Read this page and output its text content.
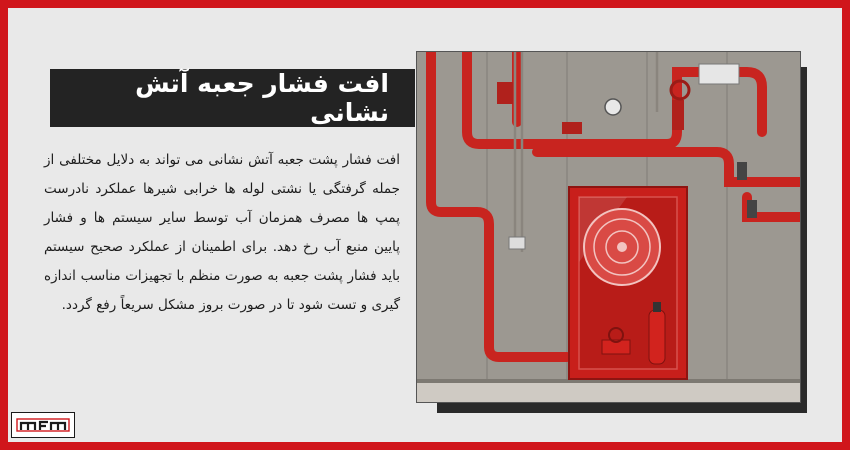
افت فشار جعبه آتش نشانی
افت فشار پشت جعبه آتش نشانی می تواند به دلایل مختلفی از جمله گرفتگی یا نشتی لوله ها خرابی شیرها عملکرد نادرست پمپ ها مصرف همزمان آب توسط سایر سیستم ها و فشار پایین منبع آب رخ دهد. برای اطمینان از عملکرد صحیح سیستم باید فشار پشت جعبه به صورت منظم با تجهیزات مناسب اندازه گیری و تست شود تا در صورت بروز مشکل سریعاً رفع گردد.
